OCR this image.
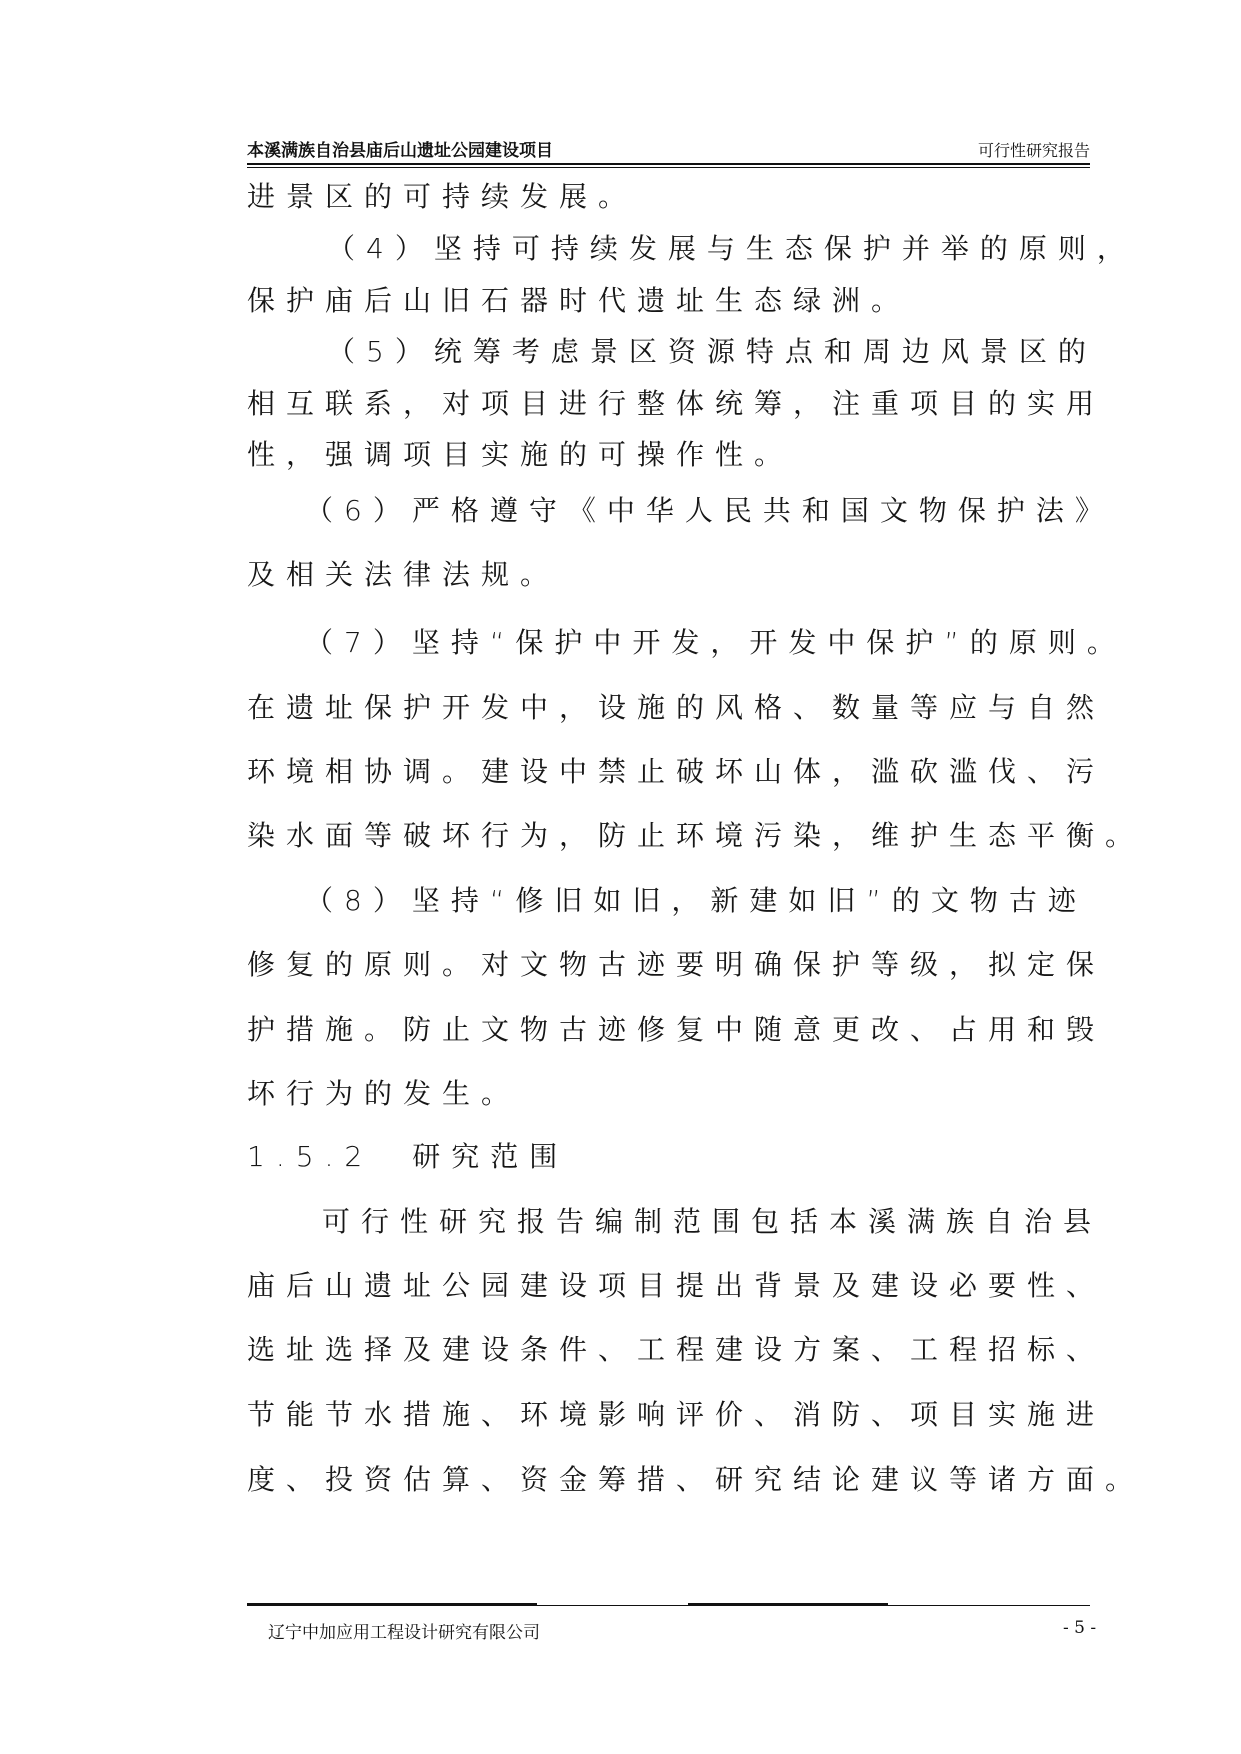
本溪满族自治县庙后山遗址公园建设项目	可行性研究报告
进景区的可持续发展。
（4）坚持可持续发展与生态保护并举的原则，
保护庙后山旧石器时代遗址生态绿洲。
（5）统筹考虑景区资源特点和周边风景区的
相互联系，对项目进行整体统筹，注重项目的实用
性，强调项目实施的可操作性。
（6）严格遵守《中华人民共和国文物保护法》
及相关法律法规。
（7）坚持“保护中开发，开发中保护”的原则。
在遗址保护开发中，设施的风格、数量等应与自然
环境相协调。建设中禁止破坏山体，滥砍滥伐、污
染水面等破坏行为，防止环境污染，维护生态平衡。
（8）坚持“修旧如旧，新建如旧”的文物古迹
修复的原则。对文物古迹要明确保护等级，拟定保
护措施。防止文物古迹修复中随意更改、占用和毁
坏行为的发生。
1.5.2　研究范围
可行性研究报告编制范围包括本溪满族自治县
庙后山遗址公园建设项目提出背景及建设必要性、
选址选择及建设条件、工程建设方案、工程招标、
节能节水措施、环境影响评价、消防、项目实施进
度、投资估算、资金筹措、研究结论建议等诸方面。
辽宁中加应用工程设计研究有限公司	- 5 -
